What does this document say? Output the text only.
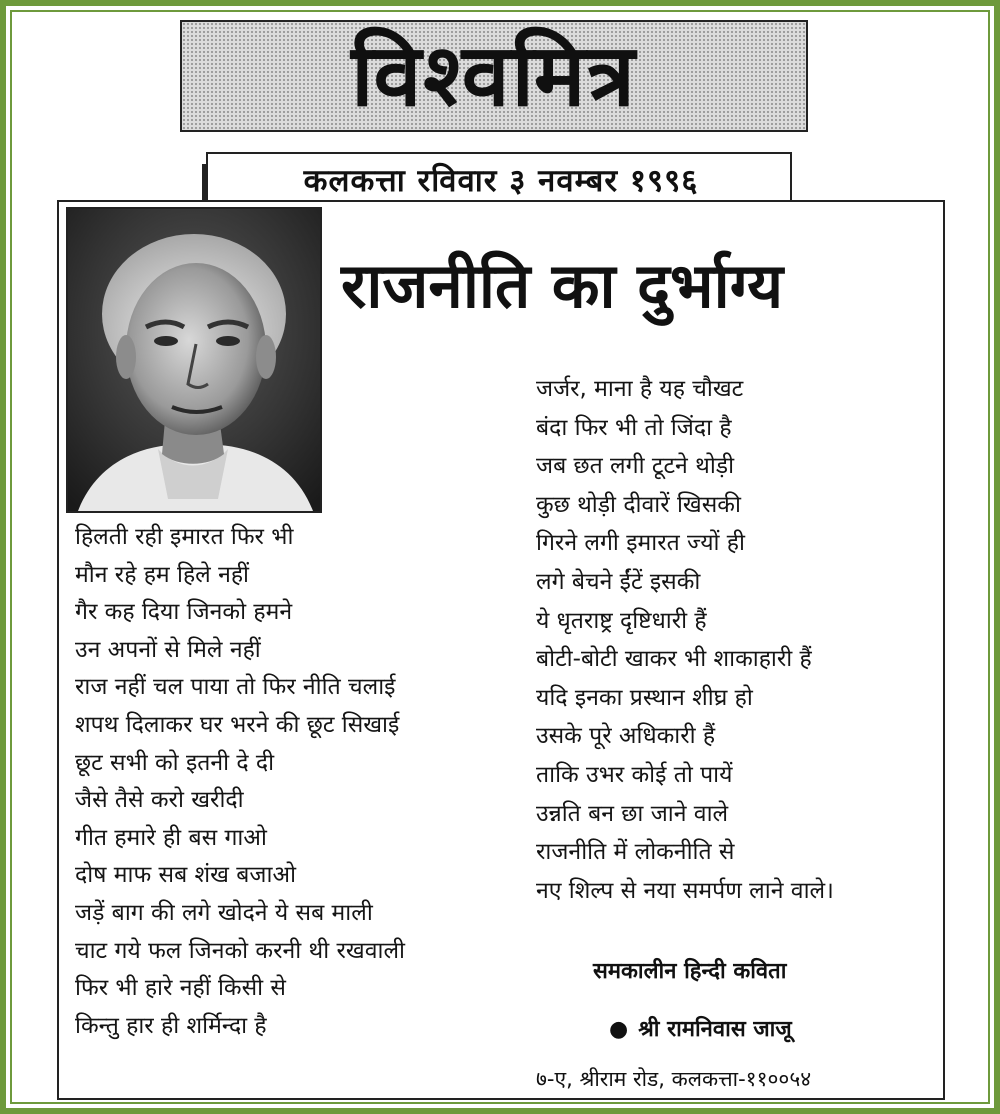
विश्वमित्र
कलकत्ता रविवार ३ नवम्बर १९९६
राजनीति का दुर्भाग्य
हिलती रही इमारत फिर भी
मौन रहे हम हिले नहीं
गैर कह दिया जिनको हमने
उन अपनों से मिले नहीं
राज नहीं चल पाया तो फिर नीति चलाई
शपथ दिलाकर घर भरने की छूट सिखाई
छूट सभी को इतनी दे दी
जैसे तैसे करो खरीदी
गीत हमारे ही बस गाओ
दोष माफ सब शंख बजाओ
जड़ें बाग की लगे खोदने ये सब माली
चाट गये फल जिनको करनी थी रखवाली
फिर भी हारे नहीं किसी से
किन्तु हार ही शर्मिन्दा है
जर्जर, माना है यह चौखट
बंदा फिर भी तो जिंदा है
जब छत लगी टूटने थोड़ी
कुछ थोड़ी दीवारें खिसकी
गिरने लगी इमारत ज्यों ही
लगे बेचने ईंटें इसकी
ये धृतराष्ट्र दृष्टिधारी हैं
बोटी-बोटी खाकर भी शाकाहारी हैं
यदि इनका प्रस्थान शीघ्र हो
उसके पूरे अधिकारी हैं
ताकि उभर कोई तो पायें
उन्नति बन छा जाने वाले
राजनीति में लोकनीति से
नए शिल्प से नया समर्पण लाने वाले।
समकालीन हिन्दी कविता
● श्री रामनिवास जाजू
७-ए, श्रीराम रोड, कलकत्ता-११००५४
